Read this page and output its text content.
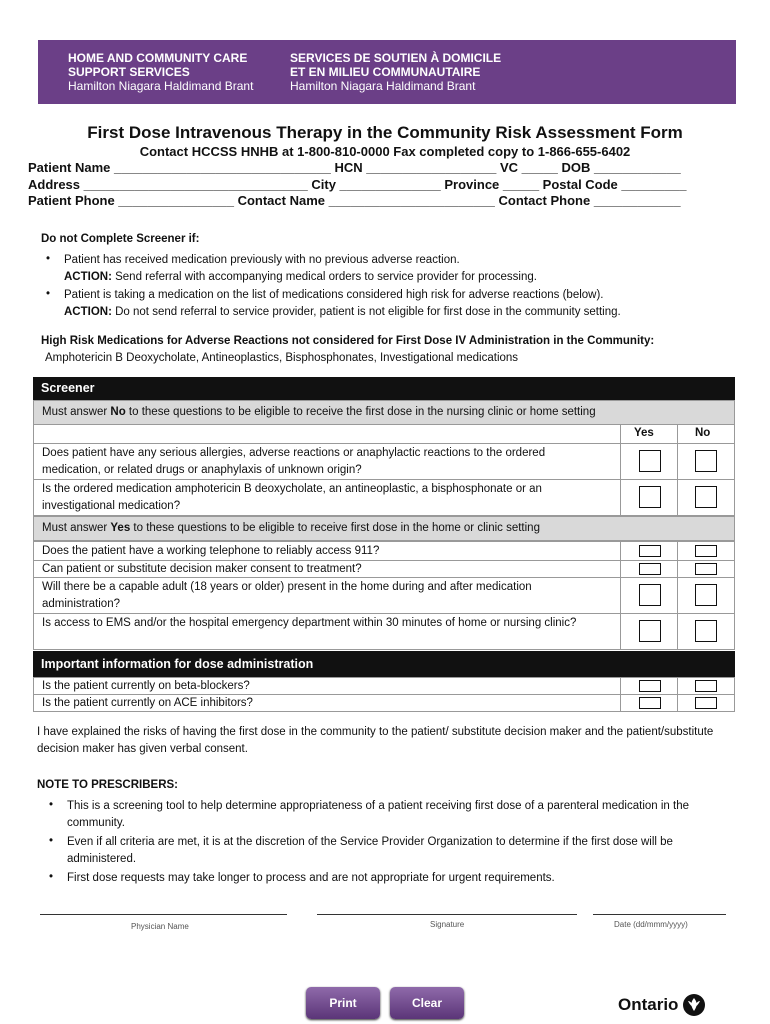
HOME AND COMMUNITY CARE
SUPPORT SERVICES
Hamilton Niagara Haldimand Brant
SERVICES DE SOUTIEN À DOMICILE
ET EN MILIEU COMMUNAUTAIRE
Hamilton Niagara Haldimand Brant
First Dose Intravenous Therapy in the Community Risk Assessment Form
Contact HCCSS HNHB at 1-800-810-0000 Fax completed copy to 1-866-655-6402
Patient Name ______________________________ HCN __________________ VC _____ DOB ____________
Address _______________________________ City ______________ Province _____ Postal Code _________
Patient Phone ________________ Contact Name _______________________ Contact Phone ____________
Do not Complete Screener if:
• Patient has received medication previously with no previous adverse reaction.
ACTION: Send referral with accompanying medical orders to service provider for processing.
• Patient is taking a medication on the list of medications considered high risk for adverse reactions (below).
ACTION: Do not send referral to service provider, patient is not eligible for first dose in the community setting.
High Risk Medications for Adverse Reactions not considered for First Dose IV Administration in the Community:
Amphotericin B Deoxycholate, Antineoplastics, Bisphosphonates, Investigational medications
Screener
Must answer No to these questions to be eligible to receive the first dose in the nursing clinic or home setting
Yes	No
Does patient have any serious allergies, adverse reactions or anaphylactic reactions to the ordered medication, or related drugs or anaphylaxis of unknown origin?
Is the ordered medication amphotericin B deoxycholate, an antineoplastic, a bisphosphonate or an investigational medication?
Must answer Yes to these questions to be eligible to receive first dose in the home or clinic setting
Does the patient have a working telephone to reliably access 911?
Can patient or substitute decision maker consent to treatment?
Will there be a capable adult (18 years or older) present in the home during and after medication administration?
Is access to EMS and/or the hospital emergency department within 30 minutes of home or nursing clinic?
Important information for dose administration
Is the patient currently on beta-blockers?
Is the patient currently on ACE inhibitors?
I have explained the risks of having the first dose in the community to the patient/ substitute decision maker and the patient/substitute decision maker has given verbal consent.
NOTE TO PRESCRIBERS:
• This is a screening tool to help determine appropriateness of a patient receiving first dose of a parenteral medication in the community.
• Even if all criteria are met, it is at the discretion of the Service Provider Organization to determine if the first dose will be administered.
• First dose requests may take longer to process and are not appropriate for urgent requirements.
Physician Name	Signature	Date (dd/mmm/yyyy)
Print	Clear	Ontario
